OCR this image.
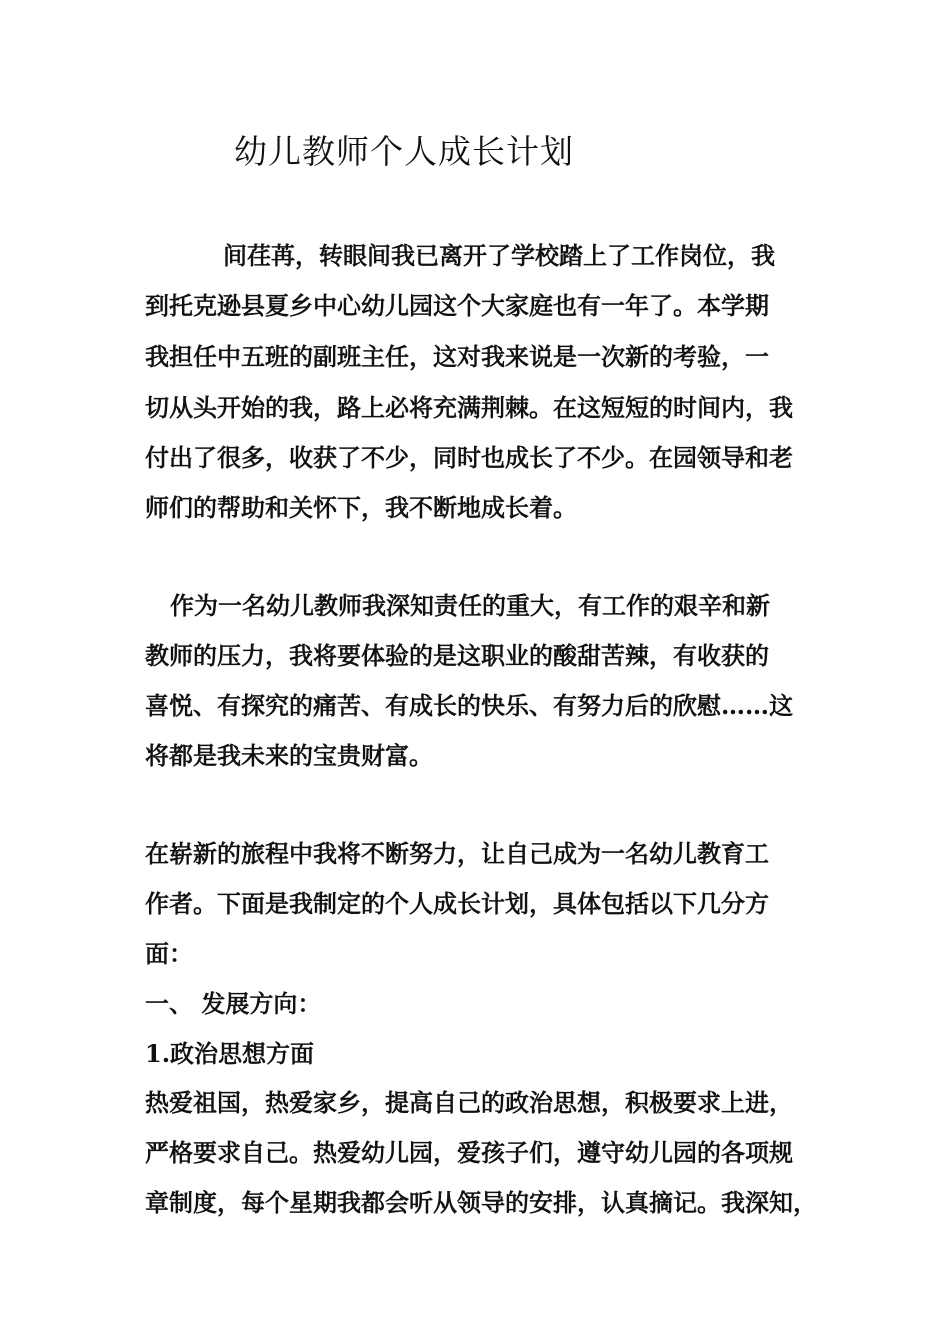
幼儿教师个人成长计划
间荏苒，转眼间我已离开了学校踏上了工作岗位，我
到托克逊县夏乡中心幼儿园这个大家庭也有一年了。本学期
我担任中五班的副班主任，这对我来说是一次新的考验，一
切从头开始的我，路上必将充满荆棘。在这短短的时间内，我
付出了很多，收获了不少，同时也成长了不少。在园领导和老
师们的帮助和关怀下，我不断地成长着。
作为一名幼儿教师我深知责任的重大，有工作的艰辛和新
教师的压力，我将要体验的是这职业的酸甜苦辣，有收获的
喜悦、有探究的痛苦、有成长的快乐、有努力后的欣慰……这
将都是我未来的宝贵财富。
在崭新的旅程中我将不断努力，让自己成为一名幼儿教育工
作者。下面是我制定的个人成长计划，具体包括以下几分方
面：
一、 发展方向：
1.政治思想方面
热爱祖国，热爱家乡，提高自己的政治思想，积极要求上进，
严格要求自己。热爱幼儿园，爱孩子们，遵守幼儿园的各项规
章制度，每个星期我都会听从领导的安排，认真摘记。我深知，
